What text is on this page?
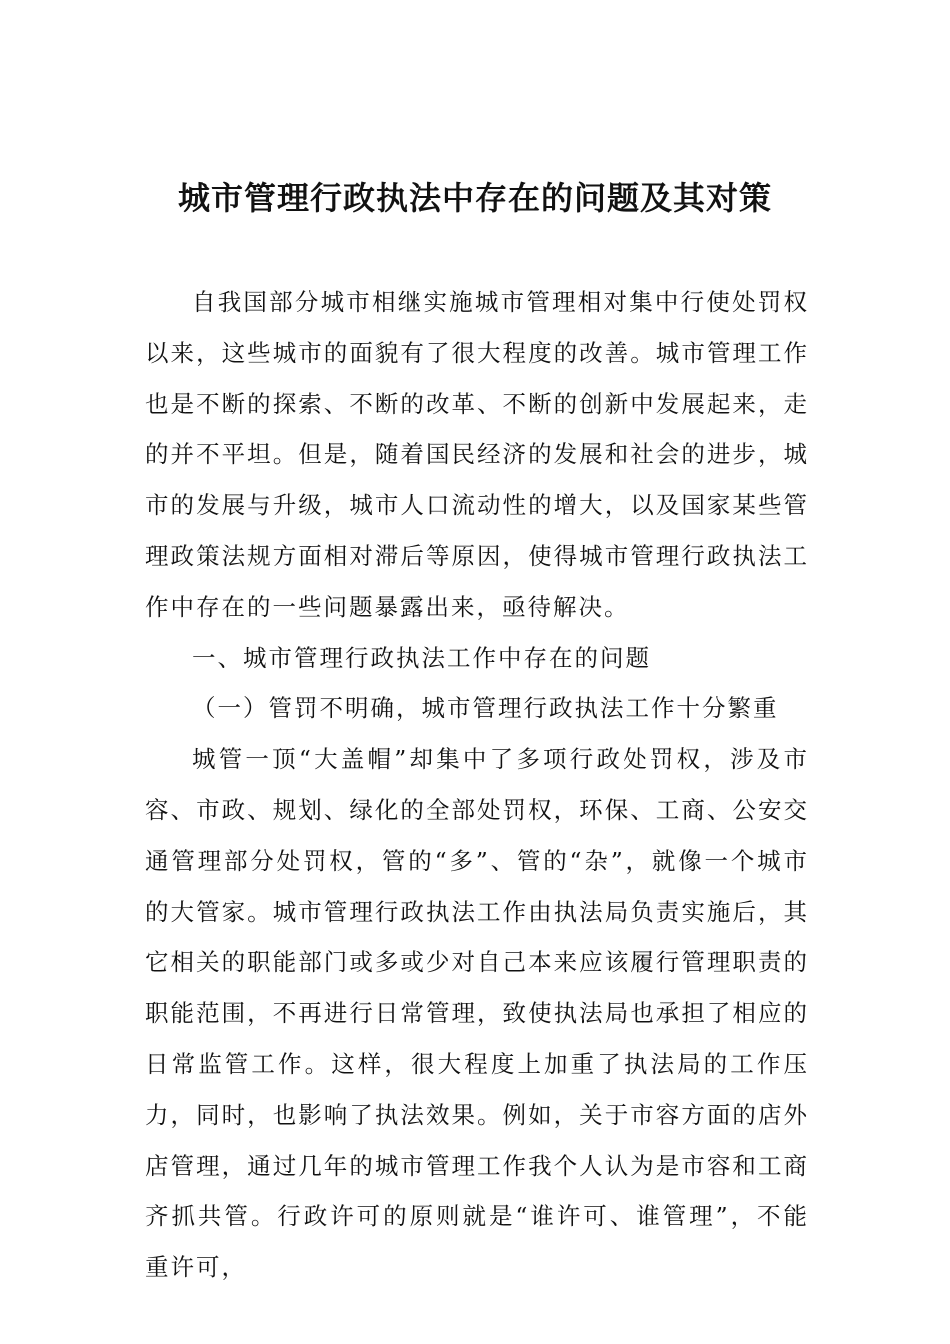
城市管理行政执法中存在的问题及其对策

自我国部分城市相继实施城市管理相对集中行使处罚权以来，这些城市的面貌有了很大程度的改善。城市管理工作也是不断的探索、不断的改革、不断的创新中发展起来，走的并不平坦。但是，随着国民经济的发展和社会的进步，城市的发展与升级，城市人口流动性的增大，以及国家某些管理政策法规方面相对滞后等原因，使得城市管理行政执法工作中存在的一些问题暴露出来，亟待解决。

一、城市管理行政执法工作中存在的问题

（一）管罚不明确，城市管理行政执法工作十分繁重

城管一顶“大盖帽”却集中了多项行政处罚权，涉及市容、市政、规划、绿化的全部处罚权，环保、工商、公安交通管理部分处罚权，管的“多”、管的“杂”，就像一个城市的大管家。城市管理行政执法工作由执法局负责实施后，其它相关的职能部门或多或少对自己本来应该履行管理职责的职能范围，不再进行日常管理，致使执法局也承担了相应的日常监管工作。这样，很大程度上加重了执法局的工作压力，同时，也影响了执法效果。例如，关于市容方面的店外店管理，通过几年的城市管理工作我个人认为是市容和工商齐抓共管。行政许可的原则就是“谁许可、谁管理”，不能重许可，
